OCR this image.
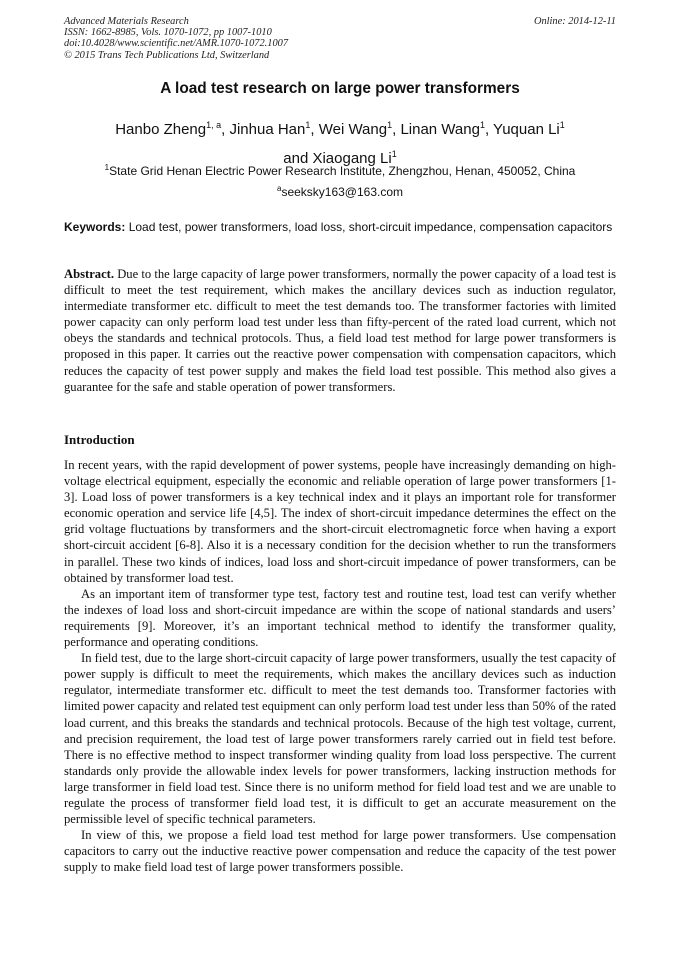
Advanced Materials Research
ISSN: 1662-8985, Vols. 1070-1072, pp 1007-1010
doi:10.4028/www.scientific.net/AMR.1070-1072.1007
© 2015 Trans Tech Publications Ltd, Switzerland
Online: 2014-12-11
A load test research on large power transformers
Hanbo Zheng$^{1, a}$, Jinhua Han$^1$, Wei Wang$^1$, Linan Wang$^1$, Yuquan Li$^1$
and Xiaogang Li$^1$
$^1$State Grid Henan Electric Power Research Institute, Zhengzhou, Henan, 450052, China
$^a$seeksky163@163.com
Keywords: Load test, power transformers, load loss, short-circuit impedance, compensation capacitors
Abstract. Due to the large capacity of large power transformers, normally the power capacity of a load test is difficult to meet the test requirement, which makes the ancillary devices such as induction regulator, intermediate transformer etc. difficult to meet the test demands too. The transformer factories with limited power capacity can only perform load test under less than fifty-percent of the rated load current, which not obeys the standards and technical protocols. Thus, a field load test method for large power transformers is proposed in this paper. It carries out the reactive power compensation with compensation capacitors, which reduces the capacity of test power supply and makes the field load test possible. This method also gives a guarantee for the safe and stable operation of power transformers.
Introduction

In recent years, with the rapid development of power systems, people have increasingly demanding on high-voltage electrical equipment, especially the economic and reliable operation of large power transformers [1-3]. Load loss of power transformers is a key technical index and it plays an important role for transformer economic operation and service life [4,5]. The index of short-circuit impedance determines the effect on the grid voltage fluctuations by transformers and the short-circuit electromagnetic force when having a export short-circuit accident [6-8]. Also it is a necessary condition for the decision whether to run the transformers in parallel. These two kinds of indices, load loss and short-circuit impedance of power transformers, can be obtained by transformer load test.

As an important item of transformer type test, factory test and routine test, load test can verify whether the indexes of load loss and short-circuit impedance are within the scope of national standards and users’ requirements [9]. Moreover, it’s an important technical method to identify the transformer quality, performance and operating conditions.

In field test, due to the large short-circuit capacity of large power transformers, usually the test capacity of power supply is difficult to meet the requirements, which makes the ancillary devices such as induction regulator, intermediate transformer etc. difficult to meet the test demands too. Transformer factories with limited power capacity and related test equipment can only perform load test under less than 50% of the rated load current, and this breaks the standards and technical protocols. Because of the high test voltage, current, and precision requirement, the load test of large power transformers rarely carried out in field test before. There is no effective method to inspect transformer winding quality from load loss perspective. The current standards only provide the allowable index levels for power transformers, lacking instruction methods for large transformer in field load test. Since there is no uniform method for field load test and we are unable to regulate the process of transformer field load test, it is difficult to get an accurate measurement on the permissible level of specific technical parameters.

In view of this, we propose a field load test method for large power transformers. Use compensation capacitors to carry out the inductive reactive power compensation and reduce the capacity of the test power supply to make field load test of large power transformers possible.
